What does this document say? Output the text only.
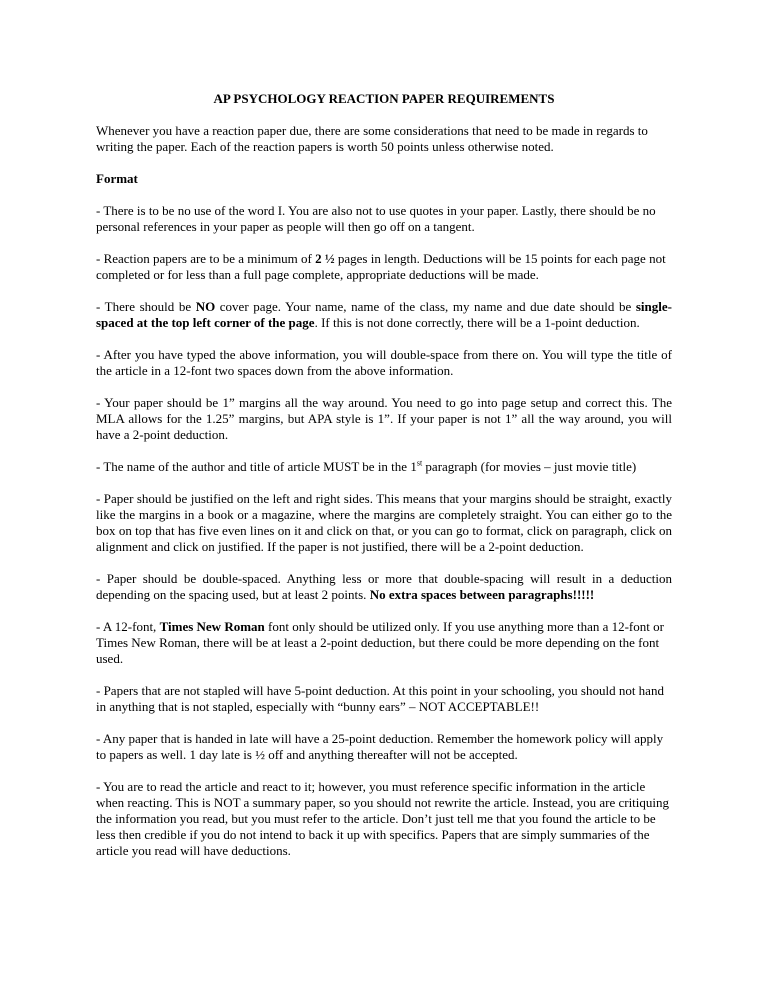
AP PSYCHOLOGY REACTION PAPER REQUIREMENTS

Whenever you have a reaction paper due, there are some considerations that need to be made in regards to writing the paper. Each of the reaction papers is worth 50 points unless otherwise noted.

Format

- There is to be no use of the word I. You are also not to use quotes in your paper. Lastly, there should be no personal references in your paper as people will then go off on a tangent.

- Reaction papers are to be a minimum of 2 ½ pages in length. Deductions will be 15 points for each page not completed or for less than a full page complete, appropriate deductions will be made.

- There should be NO cover page. Your name, name of the class, my name and due date should be single-spaced at the top left corner of the page. If this is not done correctly, there will be a 1-point deduction.

- After you have typed the above information, you will double-space from there on. You will type the title of the article in a 12-font two spaces down from the above information.

- Your paper should be 1” margins all the way around. You need to go into page setup and correct this. The MLA allows for the 1.25” margins, but APA style is 1”. If your paper is not 1” all the way around, you will have a 2-point deduction.

- The name of the author and title of article MUST be in the 1st paragraph (for movies – just movie title)

- Paper should be justified on the left and right sides. This means that your margins should be straight, exactly like the margins in a book or a magazine, where the margins are completely straight. You can either go to the box on top that has five even lines on it and click on that, or you can go to format, click on paragraph, click on alignment and click on justified. If the paper is not justified, there will be a 2-point deduction.

- Paper should be double-spaced. Anything less or more that double-spacing will result in a deduction depending on the spacing used, but at least 2 points. No extra spaces between paragraphs!!!!!

- A 12-font, Times New Roman font only should be utilized only. If you use anything more than a 12-font or Times New Roman, there will be at least a 2-point deduction, but there could be more depending on the font used.

- Papers that are not stapled will have 5-point deduction. At this point in your schooling, you should not hand in anything that is not stapled, especially with “bunny ears” – NOT ACCEPTABLE!!

- Any paper that is handed in late will have a 25-point deduction. Remember the homework policy will apply to papers as well. 1 day late is ½ off and anything thereafter will not be accepted.

- You are to read the article and react to it; however, you must reference specific information in the article when reacting. This is NOT a summary paper, so you should not rewrite the article. Instead, you are critiquing the information you read, but you must refer to the article. Don’t just tell me that you found the article to be less then credible if you do not intend to back it up with specifics. Papers that are simply summaries of the article you read will have deductions.
